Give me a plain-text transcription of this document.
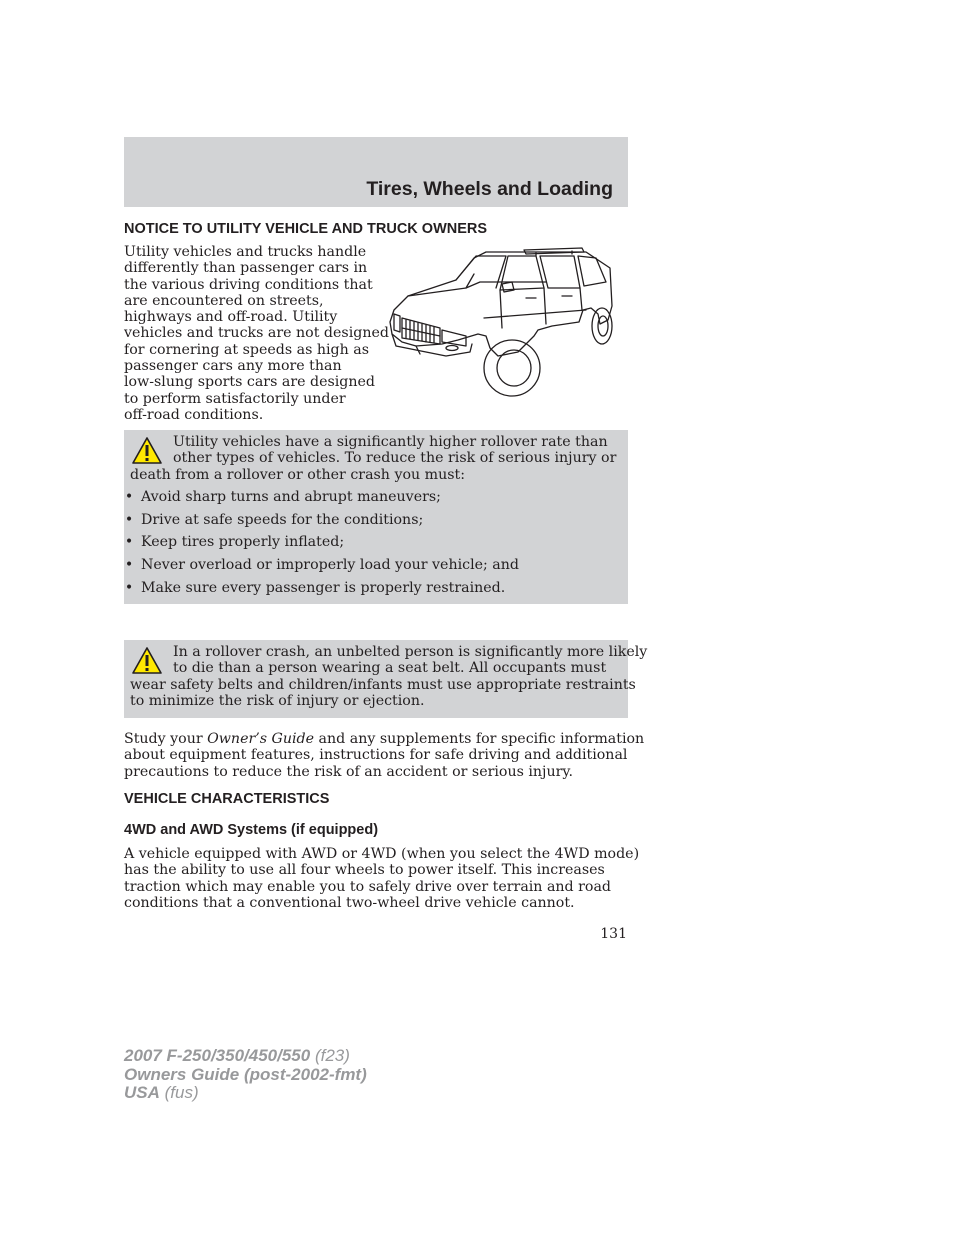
Tires, Wheels and Loading
NOTICE TO UTILITY VEHICLE AND TRUCK OWNERS
Utility vehicles and trucks handle
differently than passenger cars in
the various driving conditions that
are encountered on streets,
highways and off-road. Utility
vehicles and trucks are not designed
for cornering at speeds as high as
passenger cars any more than
low-slung sports cars are designed
to perform satisfactorily under
off-road conditions.
Utility vehicles have a significantly higher rollover rate than
other types of vehicles. To reduce the risk of serious injury or
death from a rollover or other crash you must:
• Avoid sharp turns and abrupt maneuvers;
• Drive at safe speeds for the conditions;
• Keep tires properly inflated;
• Never overload or improperly load your vehicle; and
• Make sure every passenger is properly restrained.
In a rollover crash, an unbelted person is significantly more likely
to die than a person wearing a seat belt. All occupants must
wear safety belts and children/infants must use appropriate restraints
to minimize the risk of injury or ejection.
Study your Owner’s Guide and any supplements for specific information
about equipment features, instructions for safe driving and additional
precautions to reduce the risk of an accident or serious injury.
VEHICLE CHARACTERISTICS
4WD and AWD Systems (if equipped)
A vehicle equipped with AWD or 4WD (when you select the 4WD mode)
has the ability to use all four wheels to power itself. This increases
traction which may enable you to safely drive over terrain and road
conditions that a conventional two-wheel drive vehicle cannot.
131
2007 F-250/350/450/550 (f23)
Owners Guide (post-2002-fmt)
USA (fus)
